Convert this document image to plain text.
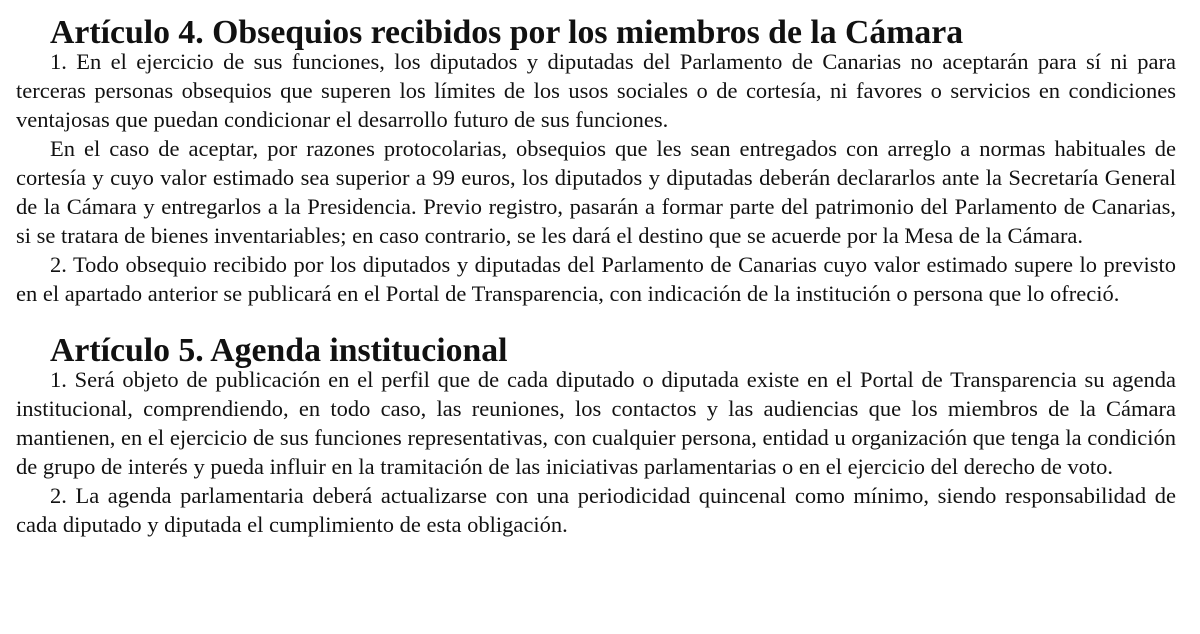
Artículo 4. Obsequios recibidos por los miembros de la Cámara

1. En el ejercicio de sus funciones, los diputados y diputadas del Parlamento de Canarias no aceptarán para sí ni para terceras personas obsequios que superen los límites de los usos sociales o de cortesía, ni favores o servicios en condiciones ventajosas que puedan condicionar el desarrollo futuro de sus funciones.

En el caso de aceptar, por razones protocolarias, obsequios que les sean entregados con arreglo a normas habituales de cortesía y cuyo valor estimado sea superior a 99 euros, los diputados y diputadas deberán declararlos ante la Secretaría General de la Cámara y entregarlos a la Presidencia. Previo registro, pasarán a formar parte del patrimonio del Parlamento de Canarias, si se tratara de bienes inventariables; en caso contrario, se les dará el destino que se acuerde por la Mesa de la Cámara.

2. Todo obsequio recibido por los diputados y diputadas del Parlamento de Canarias cuyo valor estimado supere lo previsto en el apartado anterior se publicará en el Portal de Transparencia, con indicación de la institución o persona que lo ofreció.

Artículo 5. Agenda institucional

1. Será objeto de publicación en el perfil que de cada diputado o diputada existe en el Portal de Transparencia su agenda institucional, comprendiendo, en todo caso, las reuniones, los contactos y las audiencias que los miembros de la Cámara mantienen, en el ejercicio de sus funciones representativas, con cualquier persona, entidad u organización que tenga la condición de grupo de interés y pueda influir en la tramitación de las iniciativas parlamentarias o en el ejercicio del derecho de voto.

2. La agenda parlamentaria deberá actualizarse con una periodicidad quincenal como mínimo, siendo responsabilidad de cada diputado y diputada el cumplimiento de esta obligación.
